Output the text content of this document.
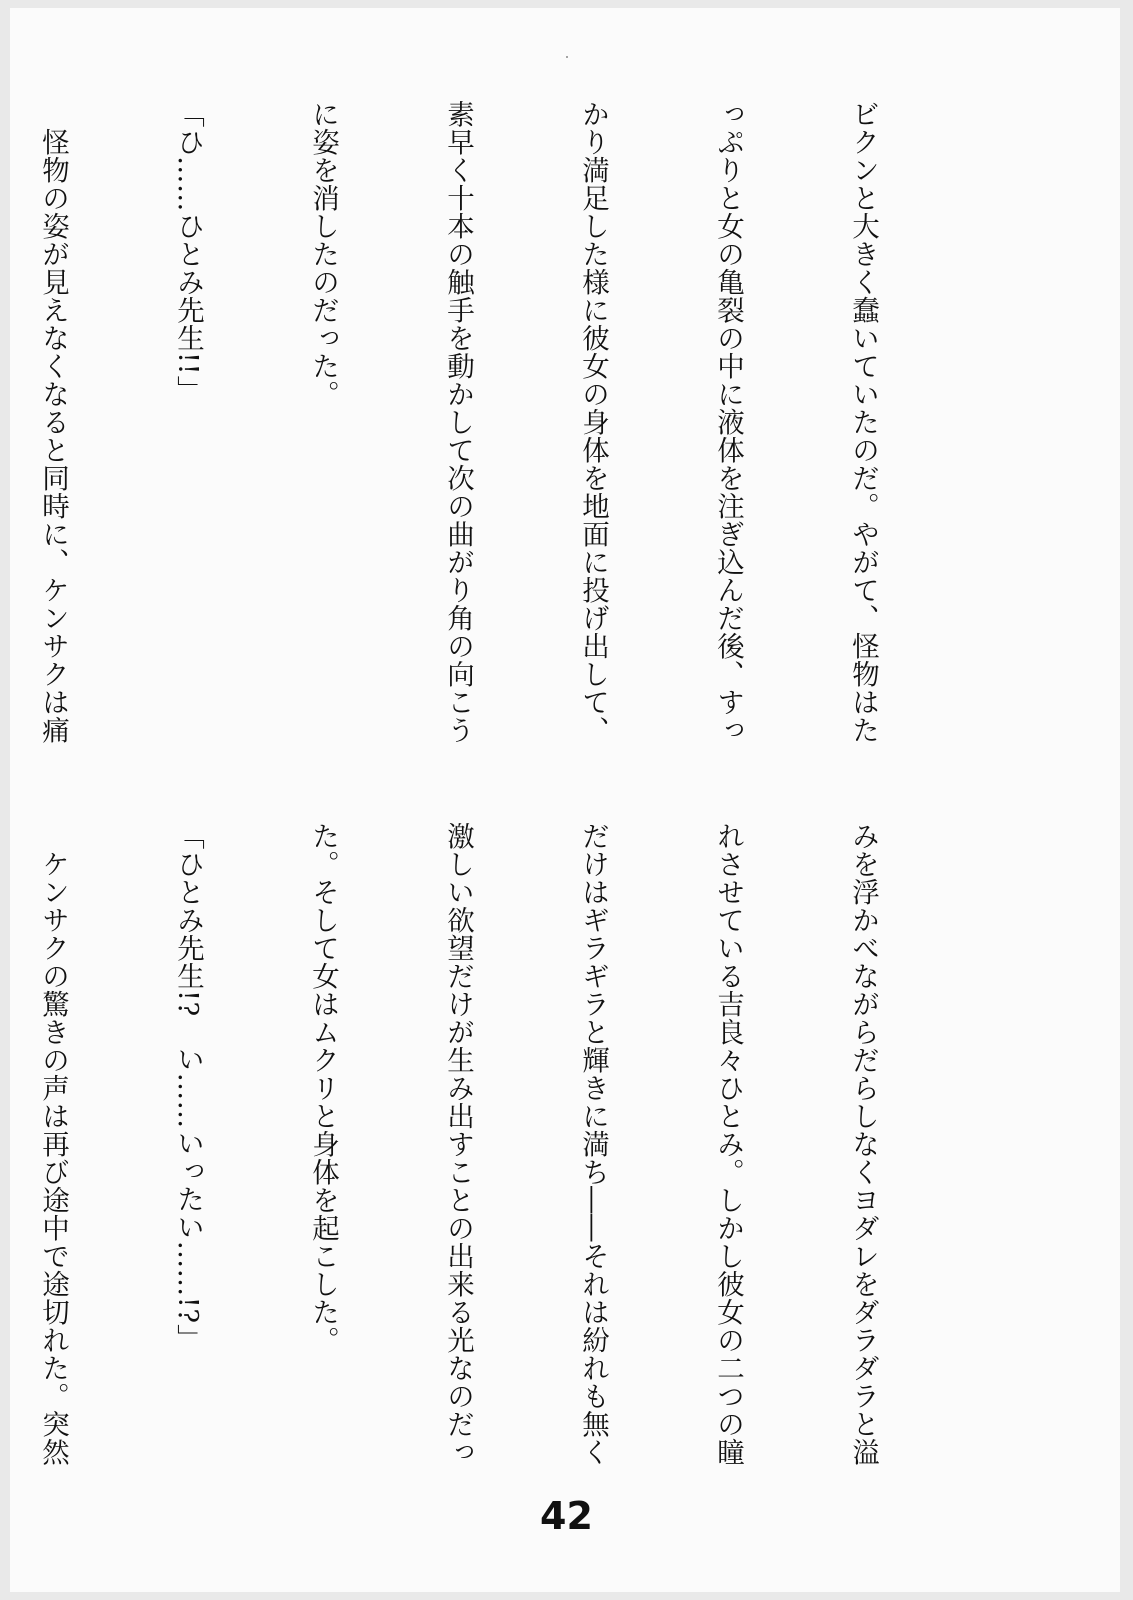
ビクンと大きく蠢いていたのだ。やがて、怪物はた

っぷりと女の亀裂の中に液体を注ぎ込んだ後、すっ

かり満足した様に彼女の身体を地面に投げ出して、

素早く十本の触手を動かして次の曲がり角の向こう

に姿を消したのだった。

「ひ……ひとみ先生!!」

　怪物の姿が見えなくなると同時に、ケンサクは痛

みを浮かべながらだらしなくヨダレをダラダラと溢

れさせている吉良々ひとみ。しかし彼女の二つの瞳

だけはギラギラと輝きに満ち――それは紛れも無く

激しい欲望だけが生み出すことの出来る光なのだっ

た。そして女はムクリと身体を起こした。

「ひとみ先生!?　い……いったい……!?」

　ケンサクの驚きの声は再び途中で途切れた。突然

42
